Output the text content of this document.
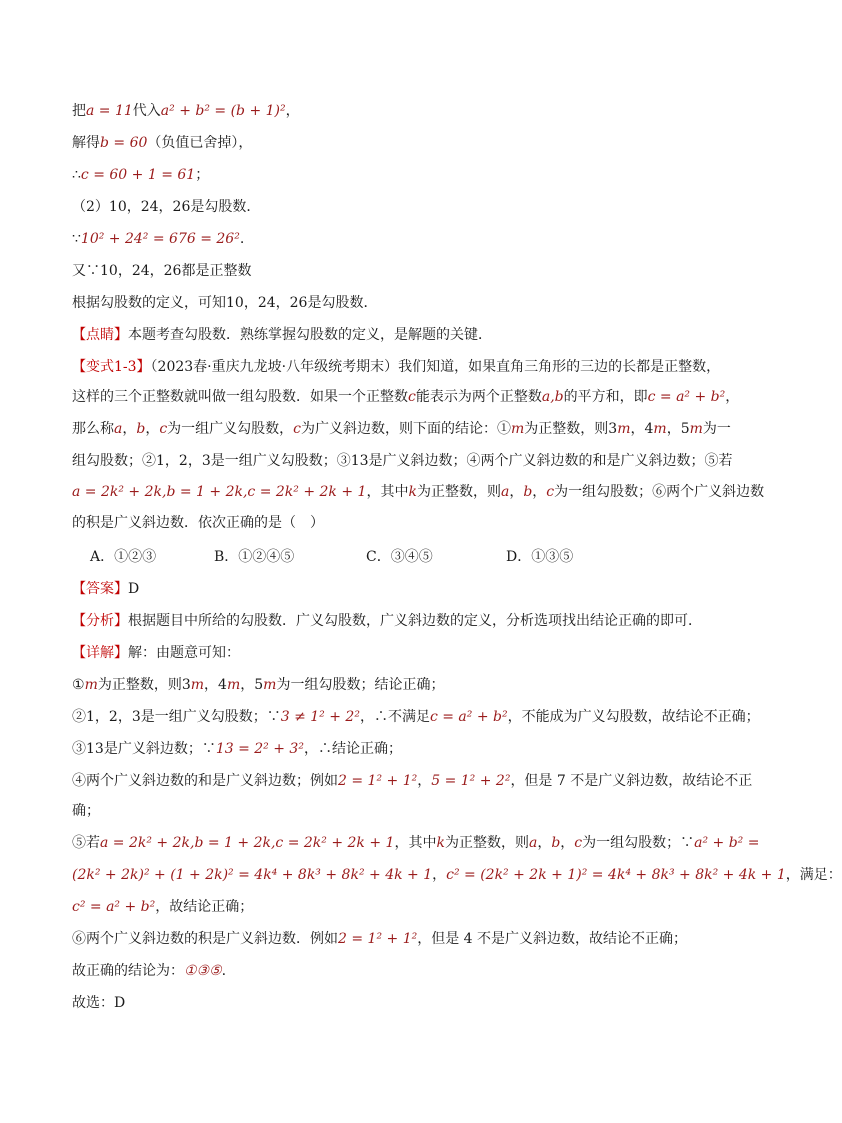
把a = 11代入a² + b² = (b + 1)²，
解得b = 60（负值已舍掉），
∴c = 60 + 1 = 61；
（2）10，24，26是勾股数．
∵10² + 24² = 676 = 26².
又∵10，24，26都是正整数
根据勾股数的定义，可知10，24，26是勾股数．
【点睛】本题考查勾股数．熟练掌握勾股数的定义，是解题的关键．
【变式1-3】（2023春·重庆九龙坡·八年级统考期末）我们知道，如果直角三角形的三边的长都是正整数，
这样的三个正整数就叫做一组勾股数．如果一个正整数c能表示为两个正整数a,b的平方和，即c = a² + b²，
那么称a，b，c为一组广义勾股数，c为广义斜边数，则下面的结论：①m为正整数，则3m，4m，5m为一
组勾股数；②1，2，3是一组广义勾股数；③13是广义斜边数；④两个广义斜边数的和是广义斜边数；⑤若
a = 2k² + 2k,b = 1 + 2k,c = 2k² + 2k + 1，其中k为正整数，则a，b，c为一组勾股数；⑥两个广义斜边数
的积是广义斜边数．依次正确的是（　）
A．①②③	B．①②④⑤	C．③④⑤	D．①③⑤
【答案】D
【分析】根据题目中所给的勾股数．广义勾股数，广义斜边数的定义，分析选项找出结论正确的即可．
【详解】解：由题意可知：
①m为正整数，则3m，4m，5m为一组勾股数；结论正确；
②1，2，3是一组广义勾股数；∵3 ≠ 1² + 2²，∴不满足c = a² + b²，不能成为广义勾股数，故结论不正确；
③13是广义斜边数；∵13 = 2² + 3²，∴结论正确；
④两个广义斜边数的和是广义斜边数；例如2 = 1² + 1²，5 = 1² + 2²，但是 7 不是广义斜边数，故结论不正
确；
⑤若a = 2k² + 2k,b = 1 + 2k,c = 2k² + 2k + 1，其中k为正整数，则a，b，c为一组勾股数；∵a² + b² =
(2k² + 2k)² + (1 + 2k)² = 4k⁴ + 8k³ + 8k² + 4k + 1，c² = (2k² + 2k + 1)² = 4k⁴ + 8k³ + 8k² + 4k + 1，满足：
c² = a² + b²，故结论正确；
⑥两个广义斜边数的积是广义斜边数．例如2 = 1² + 1²，但是 4 不是广义斜边数，故结论不正确；
故正确的结论为：①③⑤.
故选：D
